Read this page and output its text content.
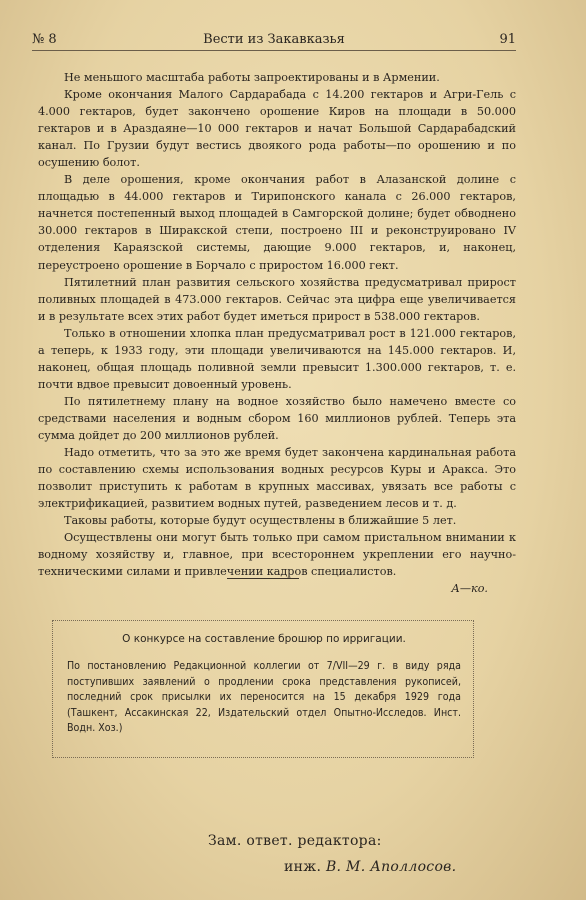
№ 8	Вести из Закавказья	91

Не меньшого масштаба работы запроектированы и в Армении.

Кроме окончания Малого Сардарабада с 14.200 гектаров и Агри-Гель с 4.000 гектаров, будет закончено орошение Киров на площади в 50.000 гектаров и в Араздаяне—10 000 гектаров и начат Большой Сардарабадский канал. По Грузии будут вестись двоякого рода работы—по орошению и по осушению болот.

В деле орошения, кроме окончания работ в Алазанской долине с площадью в 44.000 гектаров и Тирипонского канала с 26.000 гектаров, начнется постепенный выход площадей в Самгорской долине; будет обводнено 30.000 гектаров в Ширакской степи, построено III и реконструировано IV отделения Караязской системы, дающие 9.000 гектаров, и, наконец, переустроено орошение в Борчало с приростом 16.000 гект.

Пятилетний план развития сельского хозяйства предусматривал прирост поливных площадей в 473.000 гектаров. Сейчас эта цифра еще увеличивается и в результате всех этих работ будет иметься прирост в 538.000 гектаров.

Только в отношении хлопка план предусматривал рост в 121.000 гектаров, а теперь, к 1933 году, эти площади увеличиваются на 145.000 гектаров. И, наконец, общая площадь поливной земли превысит 1.300.000 гектаров, т. е. почти вдвое превысит довоенный уровень.

По пятилетнему плану на водное хозяйство было намечено вместе со средствами населения и водным сбором 160 миллионов рублей. Теперь эта сумма дойдет до 200 миллионов рублей.

Надо отметить, что за это же время будет закончена кардинальная работа по составлению схемы использования водных ресурсов Куры и Аракса. Это позволит приступить к работам в крупных массивах, увязать все работы с электрификацией, развитием водных путей, разведением лесов и т. д.

Таковы работы, которые будут осуществлены в ближайшие 5 лет.

Осуществлены они могут быть только при самом пристальном внимании к водному хозяйству и, главное, при всестороннем укреплении его научно-техническими силами и привлечении кадров специалистов.

А—ко.
О конкурсе на составление брошюр по ирригации.

По постановлению Редакционной коллегии от 7/VII—29 г. в виду ряда поступивших заявлений о продлении срока представления рукописей, последний срок присылки их переносится на 15 декабря 1929 года (Ташкент, Ассакинская 22, Издательский отдел Опытно-Исследов. Инст. Водн. Хоз.)

Зам. ответ. редактора:
инж. В. М. Аполлосов.
